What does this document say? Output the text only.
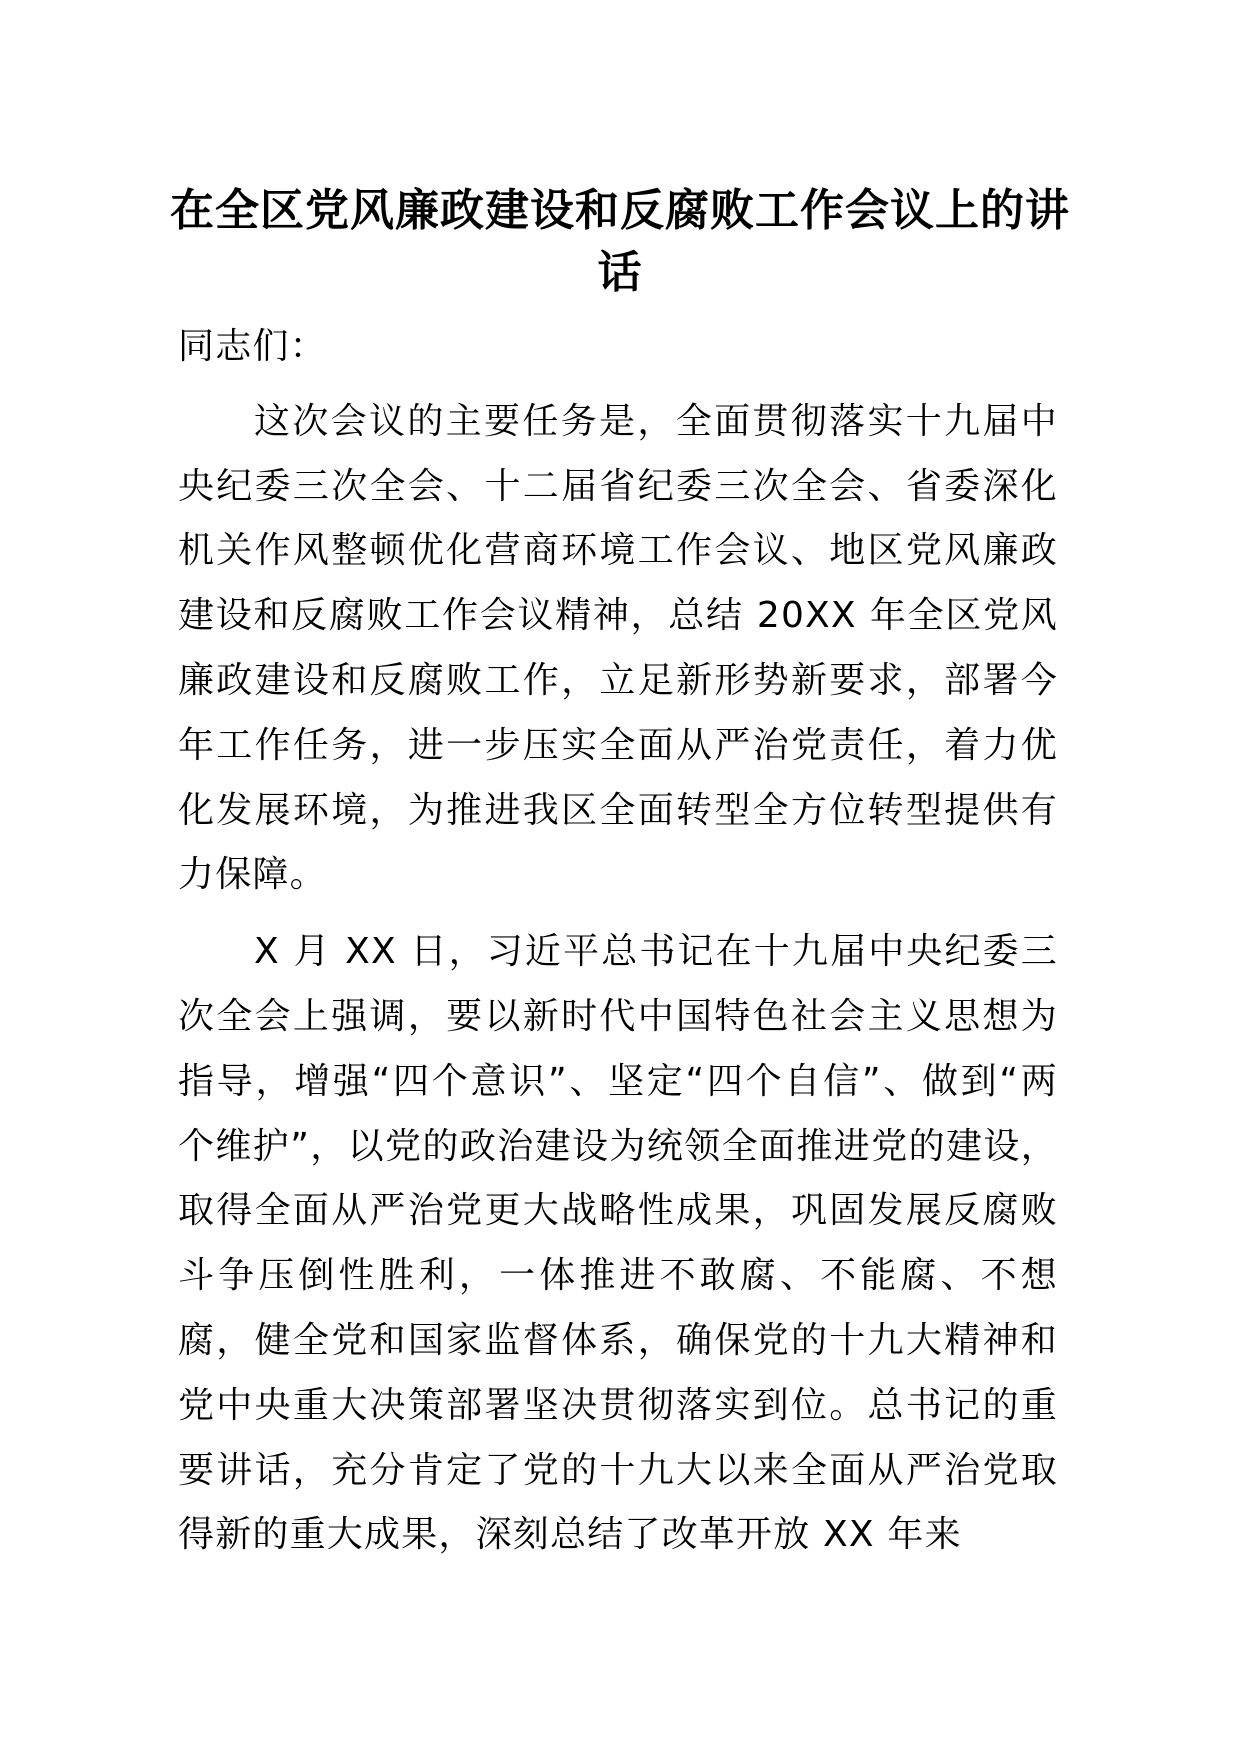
在全区党风廉政建设和反腐败工作会议上的讲话

同志们：

这次会议的主要任务是，全面贯彻落实十九届中央纪委三次全会、十二届省纪委三次全会、省委深化机关作风整顿优化营商环境工作会议、地区党风廉政建设和反腐败工作会议精神，总结 20XX 年全区党风廉政建设和反腐败工作，立足新形势新要求，部署今年工作任务，进一步压实全面从严治党责任，着力优化发展环境，为推进我区全面转型全方位转型提供有力保障。

X 月 XX 日，习近平总书记在十九届中央纪委三次全会上强调，要以新时代中国特色社会主义思想为指导，增强“四个意识”、坚定“四个自信”、做到“两个维护”，以党的政治建设为统领全面推进党的建设，取得全面从严治党更大战略性成果，巩固发展反腐败斗争压倒性胜利，一体推进不敢腐、不能腐、不想腐，健全党和国家监督体系，确保党的十九大精神和党中央重大决策部署坚决贯彻落实到位。总书记的重要讲话，充分肯定了党的十九大以来全面从严治党取得新的重大成果，深刻总结了改革开放 XX 年来
